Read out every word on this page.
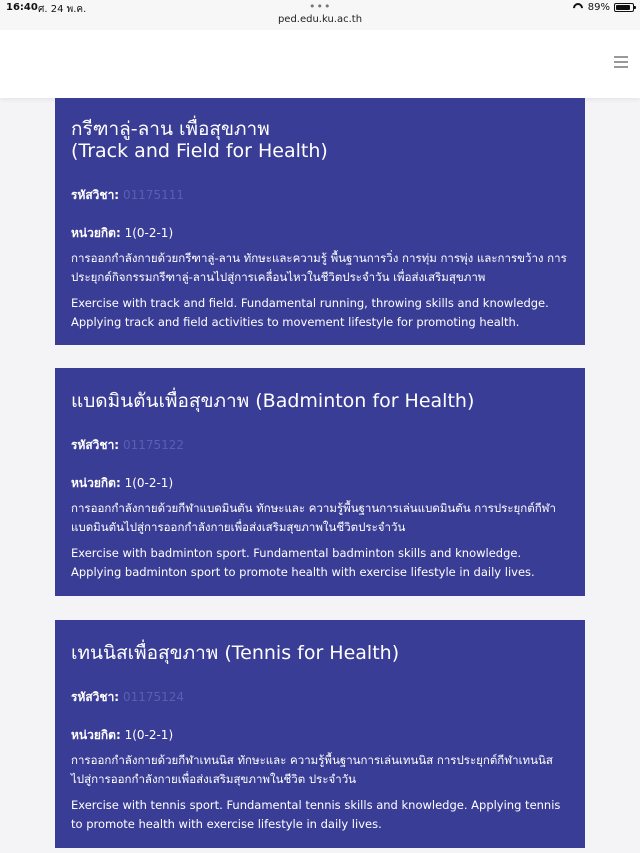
16:40 ศ. 24 พ.ค.	•••
ped.edu.ku.ac.th
89%
กรีฑาลู่-ลาน เพื่อสุขภาพ
(Track and Field for Health)
รหัสวิชา: 01175111
หน่วยกิต: 1(0-2-1)
การออกกำลังกายด้วยกรีฑาลู่-ลาน ทักษะและความรู้ พื้นฐานการวิ่ง การทุ่ม การพุ่ง และการขว้าง การประยุกต์กิจกรรมกรีฑาลู่-ลานไปสู่การเคลื่อนไหวในชีวิตประจำวัน เพื่อส่งเสริมสุขภาพ
Exercise with track and field. Fundamental running, throwing skills and knowledge. Applying track and field activities to movement lifestyle for promoting health.
แบดมินตันเพื่อสุขภาพ (Badminton for Health)
รหัสวิชา: 01175122
หน่วยกิต: 1(0-2-1)
การออกกำลังกายด้วยกีฬาแบดมินตัน ทักษะและ ความรู้พื้นฐานการเล่นแบดมินตัน การประยุกต์กีฬาแบดมินตันไปสู่การออกกำลังกายเพื่อส่งเสริมสุขภาพในชีวิตประจำวัน
Exercise with badminton sport. Fundamental badminton skills and knowledge. Applying badminton sport to promote health with exercise lifestyle in daily lives.
เทนนิสเพื่อสุขภาพ (Tennis for Health)
รหัสวิชา: 01175124
หน่วยกิต: 1(0-2-1)
การออกกำลังกายด้วยกีฬาเทนนิส ทักษะและ ความรู้พื้นฐานการเล่นเทนนิส การประยุกต์กีฬาเทนนิส ไปสู่การออกกำลังกายเพื่อส่งเสริมสุขภาพในชีวิต ประจำวัน
Exercise with tennis sport. Fundamental tennis skills and knowledge. Applying tennis to promote health with exercise lifestyle in daily lives.
